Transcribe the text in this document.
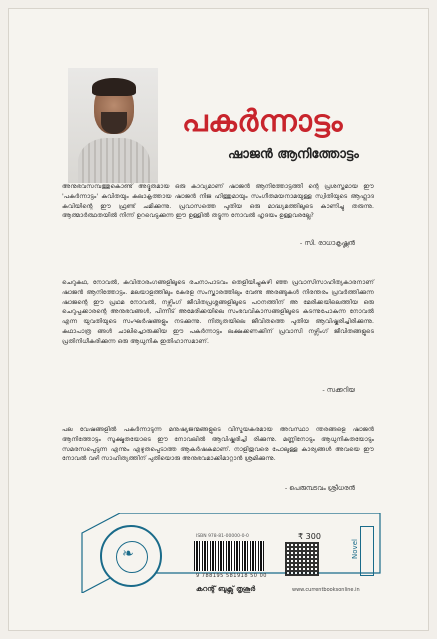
പകർന്നാട്ടം
ഷാജൻ ആനിത്തോട്ടം
അനുഭവസമ്പത്തുകൊണ്ട് അദ്ഭുതമായ ഒരു കാവ്യമാണ് ഷാജൻ ആനിത്തോട്ടത്തി ന്റെ പ്രശസ്തമായ ഈ 'പകർന്നാട്ടം' കവിതയും കലാകൃത്തായ ഷാജൻ നിജ ഹിത്തുമായും സംഗീതമയനാമയുള്ള സ്വിതിയുടെ ആഹ്ലാദ കവിയിന്റെ ഈ ഫ്രണ്ട് ചമിക്കുന്നു. പ്രവാസത്തെ പുതിയ ഒരു മാദ്ധ്യമത്തിലൂടെ കാണിച്ചു തരുന്നു. ആത്മാർത്ഥതയിൽ നിന്ന് ഉറവെടുക്കുന്ന ഈ ഉള്ളിൽ തട്ടുന്ന നോവൽ ഹൃദയം ഉള്ളവരല്ലേ?
- സി. രാധാകൃഷ്ണൻ
ചെറുകഥ, നോവൽ, കവിതാരംഗങ്ങളിലൂടെ രചനാപാടവം തെളിയിച്ചുകഴി ഞ്ഞ പ്രവാസിസാഹിത്യകാരനാണ് ഷാജൻ ആനിത്തോട്ടം. മലയാളത്തിലും കേരള സംസ്കാരത്തിലും വേണ്ട അരങ്ങുകൾ നിരന്തരം പ്രവർത്തിക്കുന്ന ഷാജന്റെ ഈ പ്രഥമ നോവൽ, നഴ്സിംഗ് ജീവിതപ്രശ്നങ്ങളിലൂടെ പഠനത്തിന് അ മേരിക്കയിലെത്തിയ ഒരു ചെറുപ്പക്കാരന്റെ അനുഭവങ്ങൾ, പിന്നീട് അമേരിക്കയിലെ സംഭവവികാസങ്ങളിലൂടെ കടന്നുപോകുന്ന നോവൽ എന്ന യുവതിയുടെ സംഘർഷങ്ങളും നടക്കുന്നു. നിത്യതയിലെ ജീവിതത്തെ പുതിയ ആവിഷ്കരിച്ചിരിക്കുന്നു. കഥാപാത്ര ങ്ങൾ ചാലിച്ചൊരുക്കിയ ഈ പകർന്നാട്ടം ലക്ഷക്കണക്കിന് പ്രവാസി നഴ്സിംഗ് ജീവിതങ്ങളുടെ പ്രതിനിധീകരിക്കുന്ന ഒരു ആധുനിക ഇതിഹാസമാണ്.
- സക്കറിയ
പല വേഷങ്ങളിൽ പകർന്നാടുന്ന മനുഷ്യജന്മങ്ങളുടെ വിസ്മയകരമായ അവസ്ഥാ ന്തരങ്ങളെ ഷാജൻ ആനിത്തോട്ടം സൂക്ഷ്മതയോടെ ഈ നോവലിൽ ആവിഷ്കരിച്ചി രിക്കുന്നു. മണ്ണിനോടും ആധുനികതയോടും സമരസപ്പെടുന്ന എന്നും എഴുതപ്പെടാത്ത ആകർഷകമാണ്. നാളിതുവരെ പോലുള്ള കാര്യങ്ങൾ അവയെ ഈ നോവൽ വഴി സാഹിത്യത്തിന് പുതിയൊരു അനുഭവമാക്കിമാറ്റാൻ ശ്രമിക്കുന്നു.
- പെരുമ്പടവം ശ്രീധരൻ
❧
ISBN 978-81-00000-0-0
9 788195 581918 50 00
₹ 300
Novel
കറന്റ് ബുക്സ് തൃശൂർ	www.currentbooksonline.in
